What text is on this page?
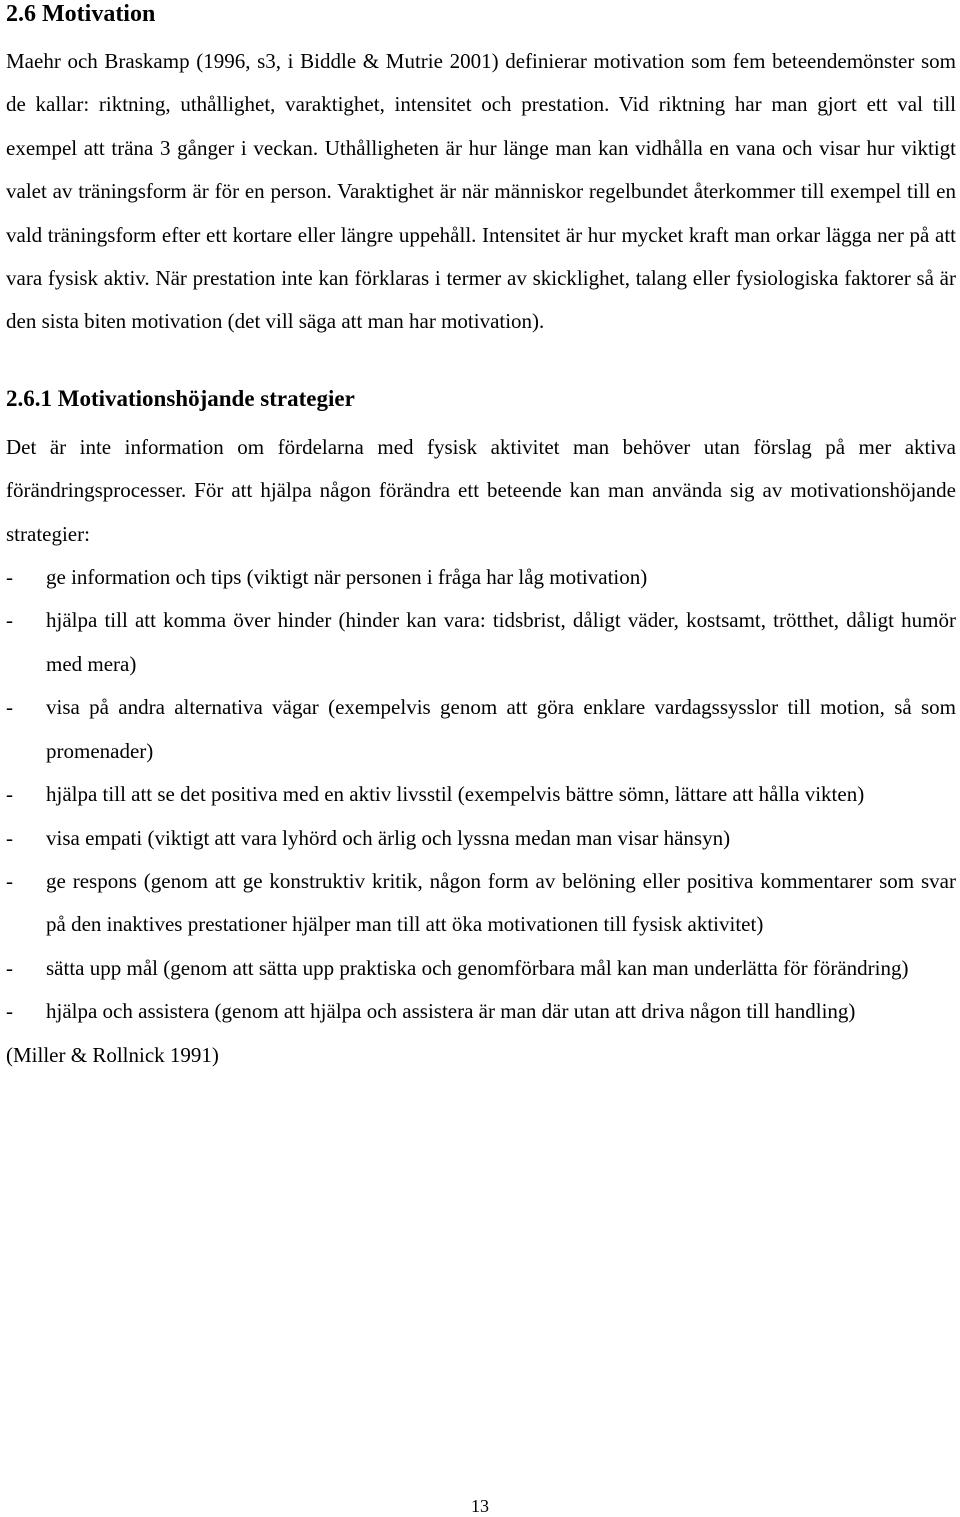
2.6 Motivation

Maehr och Braskamp (1996, s3, i Biddle & Mutrie 2001) definierar motivation som fem beteendemönster som de kallar: riktning, uthållighet, varaktighet, intensitet och prestation. Vid riktning har man gjort ett val till exempel att träna 3 gånger i veckan. Uthålligheten är hur länge man kan vidhålla en vana och visar hur viktigt valet av träningsform är för en person. Varaktighet är när människor regelbundet återkommer till exempel till en vald träningsform efter ett kortare eller längre uppehåll. Intensitet är hur mycket kraft man orkar lägga ner på att vara fysisk aktiv. När prestation inte kan förklaras i termer av skicklighet, talang eller fysiologiska faktorer så är den sista biten motivation (det vill säga att man har motivation).

2.6.1 Motivationshöjande strategier

Det är inte information om fördelarna med fysisk aktivitet man behöver utan förslag på mer aktiva förändringsprocesser. För att hjälpa någon förändra ett beteende kan man använda sig av motivationshöjande strategier:

- ge information och tips (viktigt när personen i fråga har låg motivation)
- hjälpa till att komma över hinder (hinder kan vara: tidsbrist, dåligt väder, kostsamt, trötthet, dåligt humör med mera)
- visa på andra alternativa vägar (exempelvis genom att göra enklare vardagssysslor till motion, så som promenader)
- hjälpa till att se det positiva med en aktiv livsstil (exempelvis bättre sömn, lättare att hålla vikten)
- visa empati (viktigt att vara lyhörd och ärlig och lyssna medan man visar hänsyn)
- ge respons (genom att ge konstruktiv kritik, någon form av belöning eller positiva kommentarer som svar på den inaktives prestationer hjälper man till att öka motivationen till fysisk aktivitet)
- sätta upp mål (genom att sätta upp praktiska och genomförbara mål kan man underlätta för förändring)
- hjälpa och assistera (genom att hjälpa och assistera är man där utan att driva någon till handling)

(Miller & Rollnick 1991)

13
